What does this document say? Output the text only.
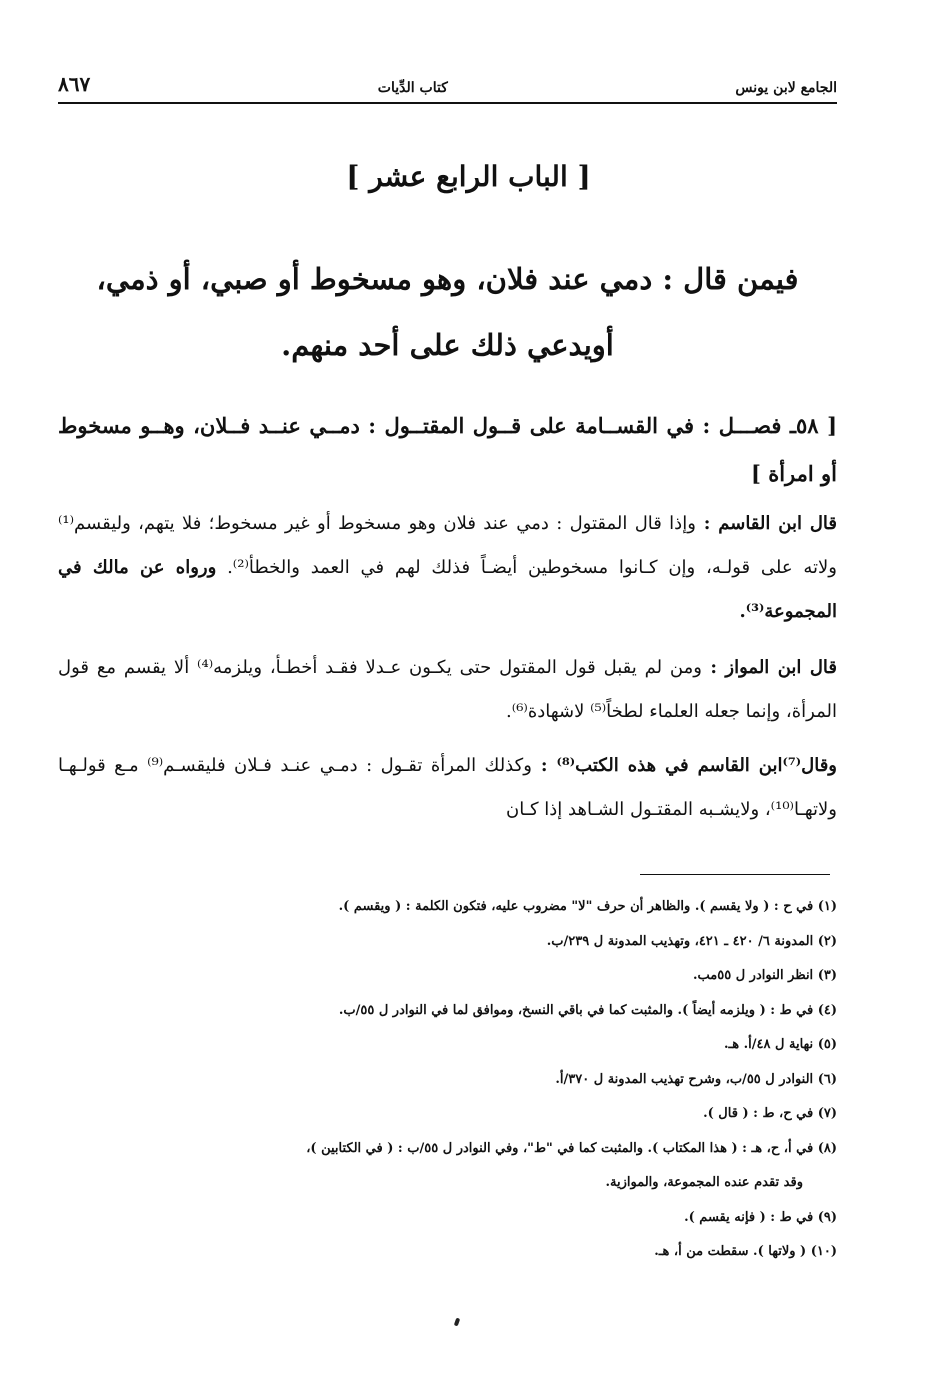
الجامع لابن يونس
كتاب الدِّيات
٨٦٧
[ الباب الرابع عشر ]
فيمن قال : دمي عند فلان، وهو مسخوط أو صبي، أو ذمي، أويدعي ذلك على أحد منهم.
[ ٥٨ـ فصـــل : في القســامة على قــول المقتــول : دمــي عنــد فــلان، وهــو مسخوط أو امرأة ]
قال ابن القاسم : وإذا قال المقتول : دمي عند فلان وهو مسخوط أو غير مسخوط؛ فلا يتهم، وليقسم⁽¹⁾ ولاته على قولـه، وإن كـانوا مسخوطين أيضـاً فذلك لهم في العمد والخطأ⁽²⁾. ورواه عن مالك في المجموعة⁽³⁾.
قال ابن المواز : ومن لم يقبل قول المقتول حتى يكـون عـدلا فقـد أخطـأ، ويلزمه⁽⁴⁾ ألا يقسم مع قول المرأة، وإنما جعله العلماء لطخاً⁽⁵⁾ لاشهادة⁽⁶⁾.
وقال⁽⁷⁾ابن القاسم في هذه الكتب⁽⁸⁾ : وكذلك المرأة تقـول : دمـي عنـد فـلان فليقسـم⁽⁹⁾ مـع قولـهـا ولاتهـا⁽¹⁰⁾، ولايشـبه المقتـول الشـاهد إذا كـان

(١) في ح : ( ولا يقسم ). والظاهر أن حرف "لا" مضروب عليه، فتكون الكلمة : ( ويقسم ).

(٢) المدونة ٦/ ٤٢٠ ـ ٤٢١، وتهذيب المدونة ل ٢٣٩/ب.

(٣) انظر النوادر ل ٥٥مب.

(٤) في ط : ( ويلزمه أيضاً ). والمثبت كما في باقي النسخ، وموافق لما في النوادر ل ٥٥/ب.

(٥) نهاية ل ٤٨/أ. هـ.

(٦) النوادر ل ٥٥/ب، وشرح تهذيب المدونة ل ٣٧٠/أ.

(٧) في ح، ط : ( قال ).

(٨) في أ، ح، هـ : ( هذا المكتاب ). والمثبت كما في "ط"، وفي النوادر ل ٥٥/ب : ( في الكتابين )،

وقد تقدم عنده المجموعة، والموازية.

(٩) في ط : ( فإنه يقسم ).

(١٠) ( ولاتها ). سقطت من أ، هـ.
